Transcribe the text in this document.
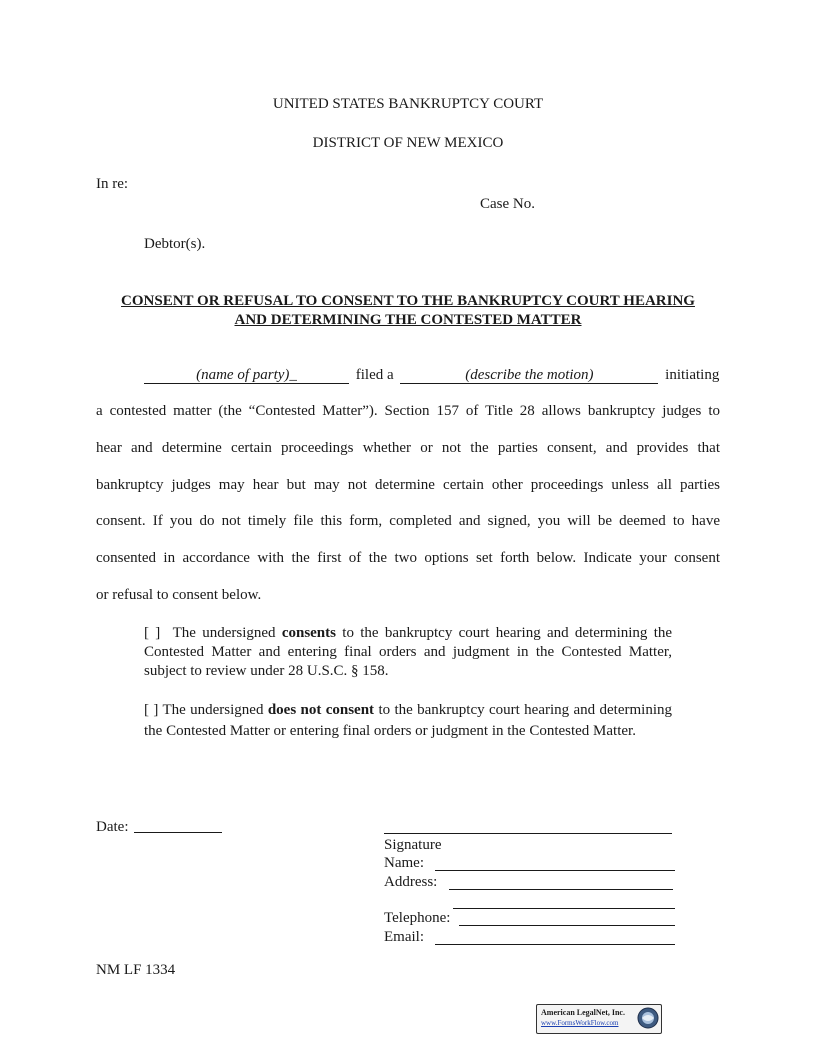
UNITED STATES BANKRUPTCY COURT
DISTRICT OF NEW MEXICO
In re:
Case No.
Debtor(s).
CONSENT OR REFUSAL TO CONSENT TO THE BANKRUPTCY COURT HEARING
AND DETERMINING THE CONTESTED MATTER
(name of party)_	filed a	(describe the motion)	initiating
a contested matter (the “Contested Matter”). Section 157 of Title 28 allows bankruptcy judges to
hear and determine certain proceedings whether or not the parties consent, and provides that
bankruptcy judges may hear but may not determine certain other proceedings unless all parties
consent. If you do not timely file this form, completed and signed, you will be deemed to have
consented in accordance with the first of the two options set forth below. Indicate your consent
or refusal to consent below.
[ ] The undersigned consents to the bankruptcy court hearing and determining the Contested Matter and entering final orders and judgment in the Contested Matter, subject to review under 28 U.S.C. § 158.
[ ] The undersigned does not consent to the bankruptcy court hearing and determining the Contested Matter or entering final orders or judgment in the Contested Matter.
Date:
Signature
Name:
Address:
Telephone:
Email:
NM LF 1334
American LegalNet, Inc.
www.FormsWorkFlow.com
